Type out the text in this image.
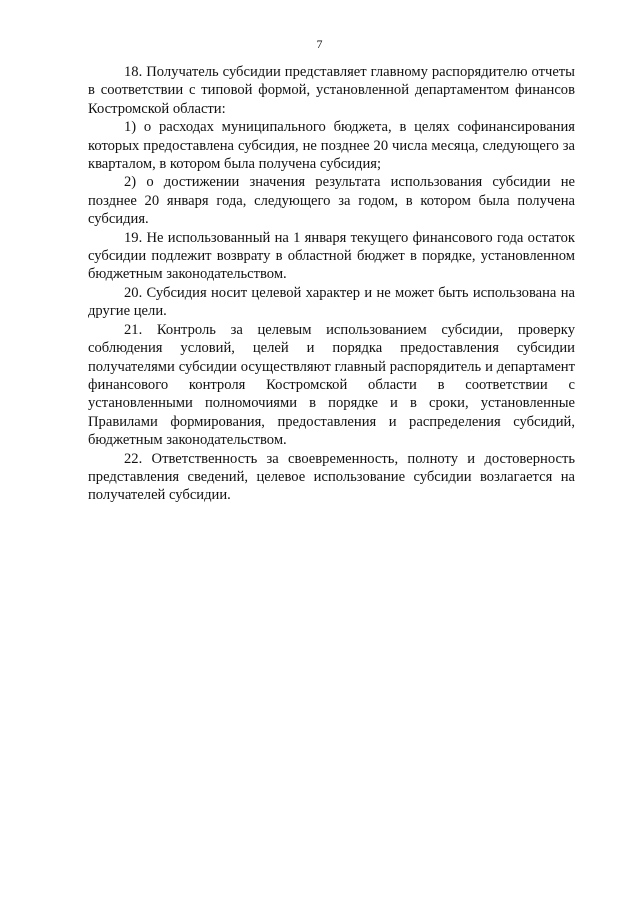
7

18. Получатель субсидии представляет главному распорядителю отчеты в соответствии с типовой формой, установленной департаментом финансов Костромской области:

1) о расходах муниципального бюджета, в целях софинансирования которых предоставлена субсидия, не позднее 20 числа месяца, следующего за кварталом, в котором была получена субсидия;

2) о достижении значения результата использования субсидии не позднее 20 января года, следующего за годом, в котором была получена субсидия.

19. Не использованный на 1 января текущего финансового года остаток субсидии подлежит возврату в областной бюджет в порядке, установленном бюджетным законодательством.

20. Субсидия носит целевой характер и не может быть использована на другие цели.

21. Контроль за целевым использованием субсидии, проверку соблюдения условий, целей и порядка предоставления субсидии получателями субсидии осуществляют главный распорядитель и департамент финансового контроля Костромской области в соответствии с установленными полномочиями в порядке и в сроки, установленные Правилами формирования, предоставления и распределения субсидий, бюджетным законодательством.

22. Ответственность за своевременность, полноту и достоверность представления сведений, целевое использование субсидии возлагается на получателей субсидии.
